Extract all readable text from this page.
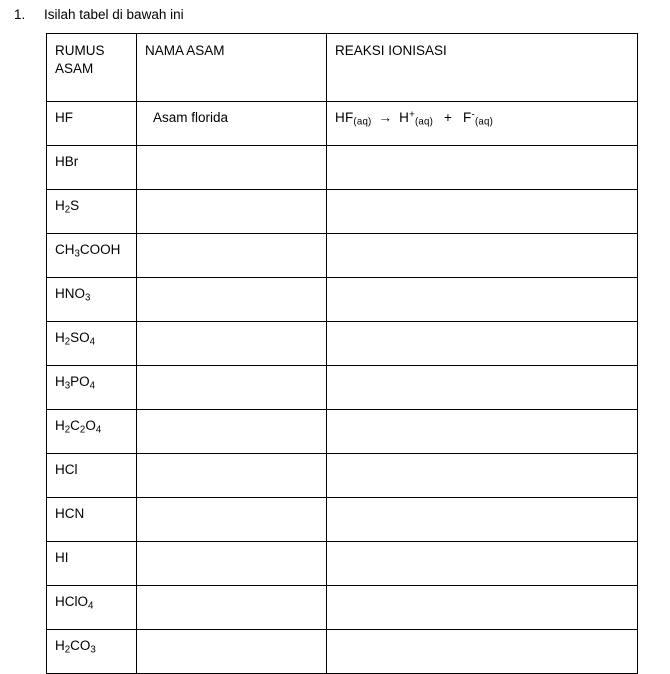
1.	Isilah tabel di bawah ini
RUMUS ASAM	NAMA ASAM	REAKSI IONISASI
HF	Asam florida	$HF_{(aq)} \to H^+_{(aq)} + F^-_{(aq)}$
HBr		
$H_2S$		
$CH_3COOH$		
$HNO_3$		
$H_2SO_4$		
$H_3PO_4$		
$H_2C_2O_4$		
HCl		
HCN		
HI		
HClO$_4$		
$H_2CO_3$		
